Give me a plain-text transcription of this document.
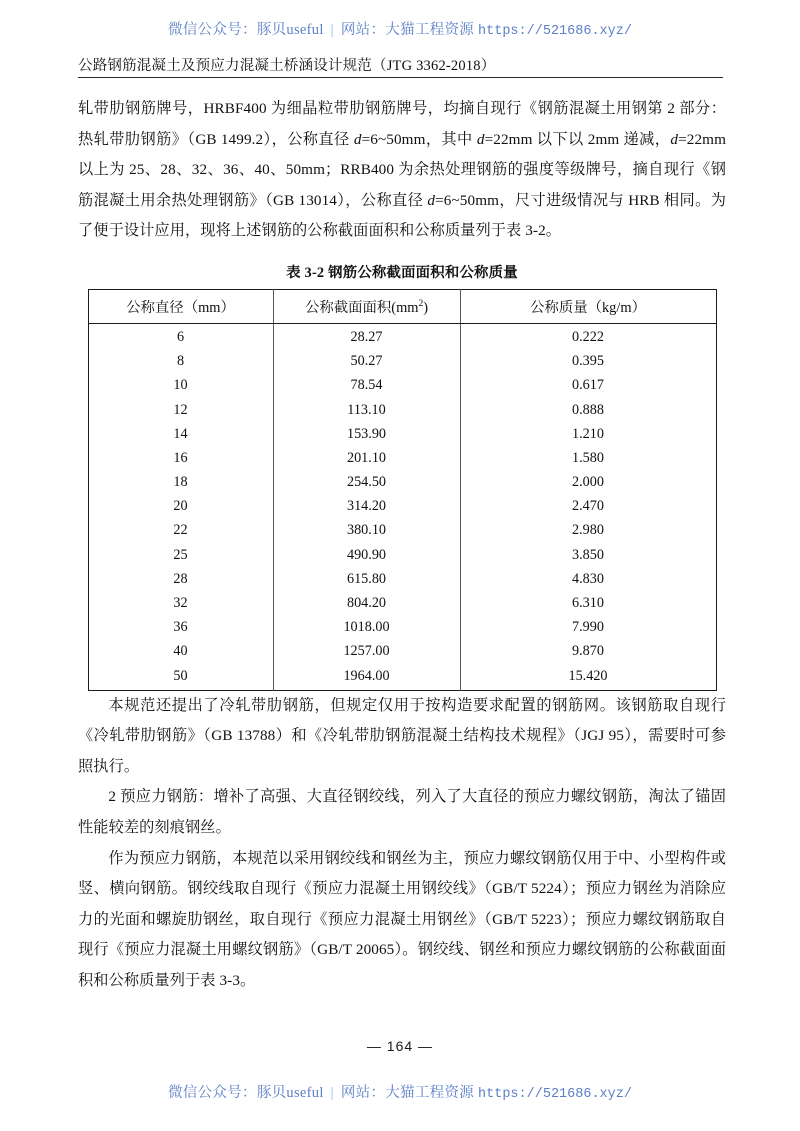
微信公众号：豚贝useful | 网站：大猫工程资源 https://521686.xyz/
公路钢筋混凝土及预应力混凝土桥涵设计规范（JTG 3362-2018）

轧带肋钢筋牌号，HRBF400 为细晶粒带肋钢筋牌号，均摘自现行《钢筋混凝土用钢第 2 部分：热轧带肋钢筋》（GB 1499.2），公称直径 d=6~50mm，其中 d=22mm 以下以 2mm 递减，d=22mm 以上为 25、28、32、36、40、50mm；RRB400 为余热处理钢筋的强度等级牌号，摘自现行《钢筋混凝土用余热处理钢筋》（GB 13014），公称直径 d=6~50mm，尺寸进级情况与 HRB 相同。为了便于设计应用，现将上述钢筋的公称截面面积和公称质量列于表 3-2。

表 3-2 钢筋公称截面面积和公称质量
公称直径（mm）	公称截面面积$(mm^2)$	公称质量（kg/m）
6	28.27	0.222
8	50.27	0.395
10	78.54	0.617
12	113.10	0.888
14	153.90	1.210
16	201.10	1.580
18	254.50	2.000
20	314.20	2.470
22	380.10	2.980
25	490.90	3.850
28	615.80	4.830
32	804.20	6.310
36	1018.00	7.990
40	1257.00	9.870
50	1964.00	15.420

本规范还提出了冷轧带肋钢筋，但规定仅用于按构造要求配置的钢筋网。该钢筋取自现行《冷轧带肋钢筋》（GB 13788）和《冷轧带肋钢筋混凝土结构技术规程》（JGJ 95），需要时可参照执行。

2 预应力钢筋：增补了高强、大直径钢绞线，列入了大直径的预应力螺纹钢筋，淘汰了锚固性能较差的刻痕钢丝。

作为预应力钢筋，本规范以采用钢绞线和钢丝为主，预应力螺纹钢筋仅用于中、小型构件或竖、横向钢筋。钢绞线取自现行《预应力混凝土用钢绞线》（GB/T 5224）；预应力钢丝为消除应力的光面和螺旋肋钢丝，取自现行《预应力混凝土用钢丝》（GB/T 5223）；预应力螺纹钢筋取自现行《预应力混凝土用螺纹钢筋》（GB/T 20065）。钢绞线、钢丝和预应力螺纹钢筋的公称截面面积和公称质量列于表 3-3。

— 164 —
微信公众号：豚贝useful | 网站：大猫工程资源 https://521686.xyz/
